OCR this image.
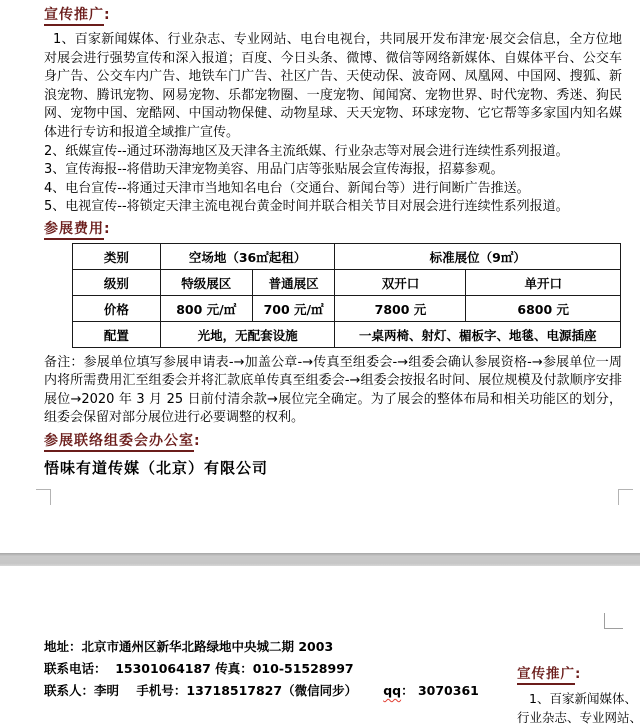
宣传推广:

1、百家新闻媒体、行业杂志、专业网站、电台电视台，共同展开发布津宠·展交会信息，全方位地对展会进行强势宣传和深入报道；百度、今日头条、微博、微信等网络新媒体、自媒体平台、公交车身广告、公交车内广告、地铁车门广告、社区广告、天使动保、波奇网、凤凰网、中国网、搜狐、新浪宠物、腾讯宠物、网易宠物、乐都宠物圈、一度宠物、闻闻窝、宠物世界、时代宠物、秀迷、狗民网、宠物中国、宠酷网、中国动物保健、动物星球、天天宠物、环球宠物、它它帮等多家国内知名媒体进行专访和报道全域推广宣传。

2、纸媒宣传--通过环渤海地区及天津各主流纸媒、行业杂志等对展会进行连续性系列报道。

3、宣传海报--将借助天津宠物美容、用品门店等张贴展会宣传海报，招募参观。

4、电台宣传--将通过天津市当地知名电台（交通台、新闻台等）进行间断广告推送。

5、电视宣传--将锁定天津主流电视台黄金时间并联合相关节目对展会进行连续性系列报道。

参展费用:
类别	空场地（36㎡起租）		标准展位（9㎡）	
级别	特级展区	普通展区	双开口	单开口
价格	800 元/㎡	700 元/㎡	7800 元	6800 元
配置	光地，无配套设施		一桌两椅、射灯、楣板字、地毯、电源插座	
备注：参展单位填写参展申请表-→加盖公章-→传真至组委会-→组委会确认参展资格-→参展单位一周内将所需费用汇至组委会并将汇款底单传真至组委会-→组委会按报名时间、展位规模及付款顺序安排展位→2020 年 3 月 25 日前付清余款→展位完全确定。为了展会的整体布局和相关功能区的划分，组委会保留对部分展位进行必要调整的权利。
参展联络组委会办公室:
悟味有道传媒（北京）有限公司
地址：北京市通州区新华北路绿地中央城二期 2003
联系电话：  15301064187 传真：010-51528997
联系人：李明    手机号：13718517827（微信同步）      qq： 3070361
宣传推广:
1、百家新闻媒体、
行业杂志、专业网站、
